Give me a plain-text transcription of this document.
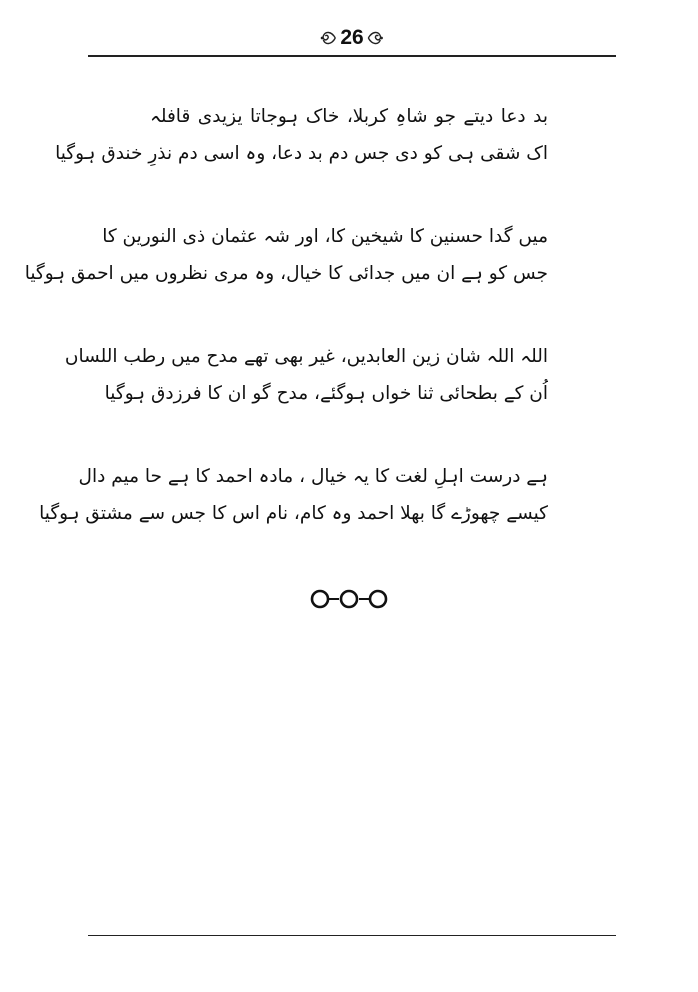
26
بد دعا دیتے جو شاہِ کربلا، خاک ہوجاتا یزیدی قافلہ
اک شقی ہی کو دی جس دم بد دعا، وہ اسی دم نذرِ خندق ہوگیا
میں گدا حسنین کا شیخین کا، اور شہ عثمان ذی النورین کا
جس کو ہے ان میں جدائی کا خیال، وہ مری نظروں میں احمق ہوگیا
اللہ اللہ شان زین العابدیں، غیر بھی تھے مدح میں رطب اللساں
اُن کے بطحائی ثنا خواں ہوگئے، مدح گو ان کا فرزدق ہوگیا
ہے درست اہلِ لغت کا یہ خیال ، مادہ احمد کا ہے حا میم دال
کیسے چھوڑے گا بھلا احمد وہ کام، نام اس کا جس سے مشتق ہوگیا
